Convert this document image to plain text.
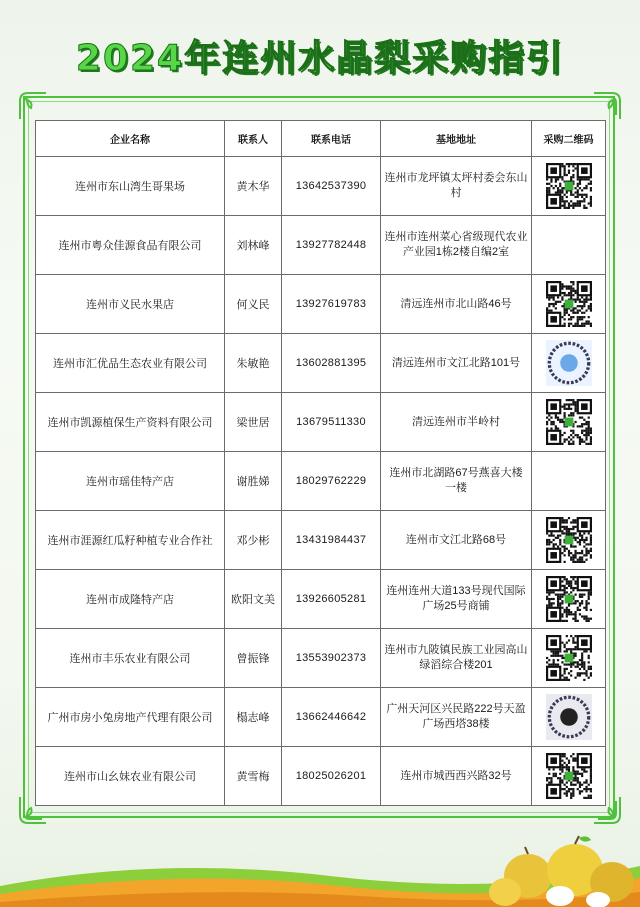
2024年连州水晶梨采购指引
企业名称	联系人	联系电话	基地地址	采购二维码
连州市东山湾生哥果场	黄木华	13642537390	连州市龙坪镇太坪村委会东山村	

连州市粤众佳源食品有限公司	刘林峰	13927782448	连州市连州菜心省级现代农业产业园1栋2楼自编2室	
连州市义民水果店	何义民	13927619783	清远连州市北山路46号	

连州市汇优品生态农业有限公司	朱敏艳	13602881395	清远连州市文江北路101号	

连州市凯源植保生产资料有限公司	梁世居	13679511330	清远连州市半岭村	

连州市瑶佳特产店	谢胜娣	18029762229	连州市北湖路67号燕喜大楼一楼	
连州市涯源红瓜籽种植专业合作社	邓少彬	13431984437	连州市文江北路68号	

连州市成隆特产店	欧阳文美	13926605281	连州连州大道133号现代国际广场25号商铺	

连州市丰乐农业有限公司	曾振锋	13553902373	连州市九陂镇民族工业园高山绿滔综合楼201	

广州市房小兔房地产代理有限公司	榻志峰	13662446642	广州天河区兴民路222号天盈广场西塔38楼	

连州市山幺妹农业有限公司	黄雪梅	18025026201	连州市城西西兴路32号	
